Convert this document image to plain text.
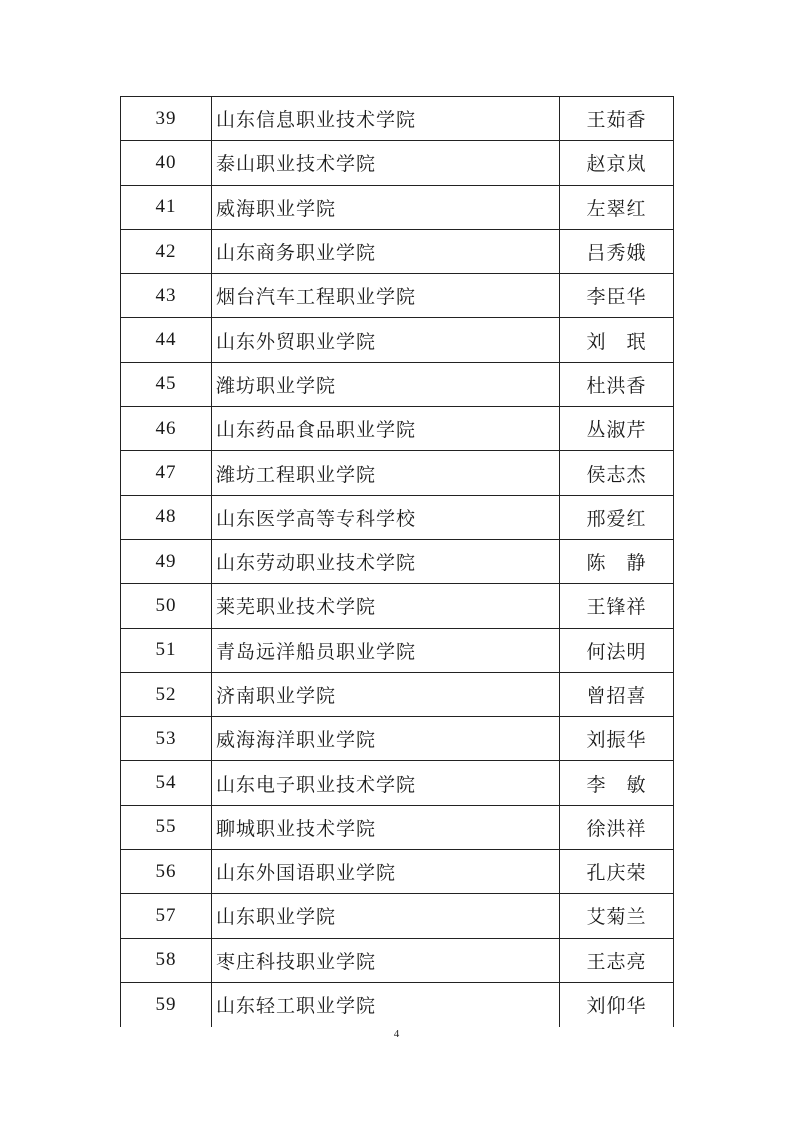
39	山东信息职业技术学院	王茹香
40	泰山职业技术学院	赵京岚
41	威海职业学院	左翠红
42	山东商务职业学院	吕秀娥
43	烟台汽车工程职业学院	李臣华
44	山东外贸职业学院	刘　珉
45	潍坊职业学院	杜洪香
46	山东药品食品职业学院	丛淑芹
47	潍坊工程职业学院	侯志杰
48	山东医学高等专科学校	邢爱红
49	山东劳动职业技术学院	陈　静
50	莱芜职业技术学院	王锋祥
51	青岛远洋船员职业学院	何法明
52	济南职业学院	曾招喜
53	威海海洋职业学院	刘振华
54	山东电子职业技术学院	李　敏
55	聊城职业技术学院	徐洪祥
56	山东外国语职业学院	孔庆荣
57	山东职业学院	艾菊兰
58	枣庄科技职业学院	王志亮
59	山东轻工职业学院	刘仰华
4
